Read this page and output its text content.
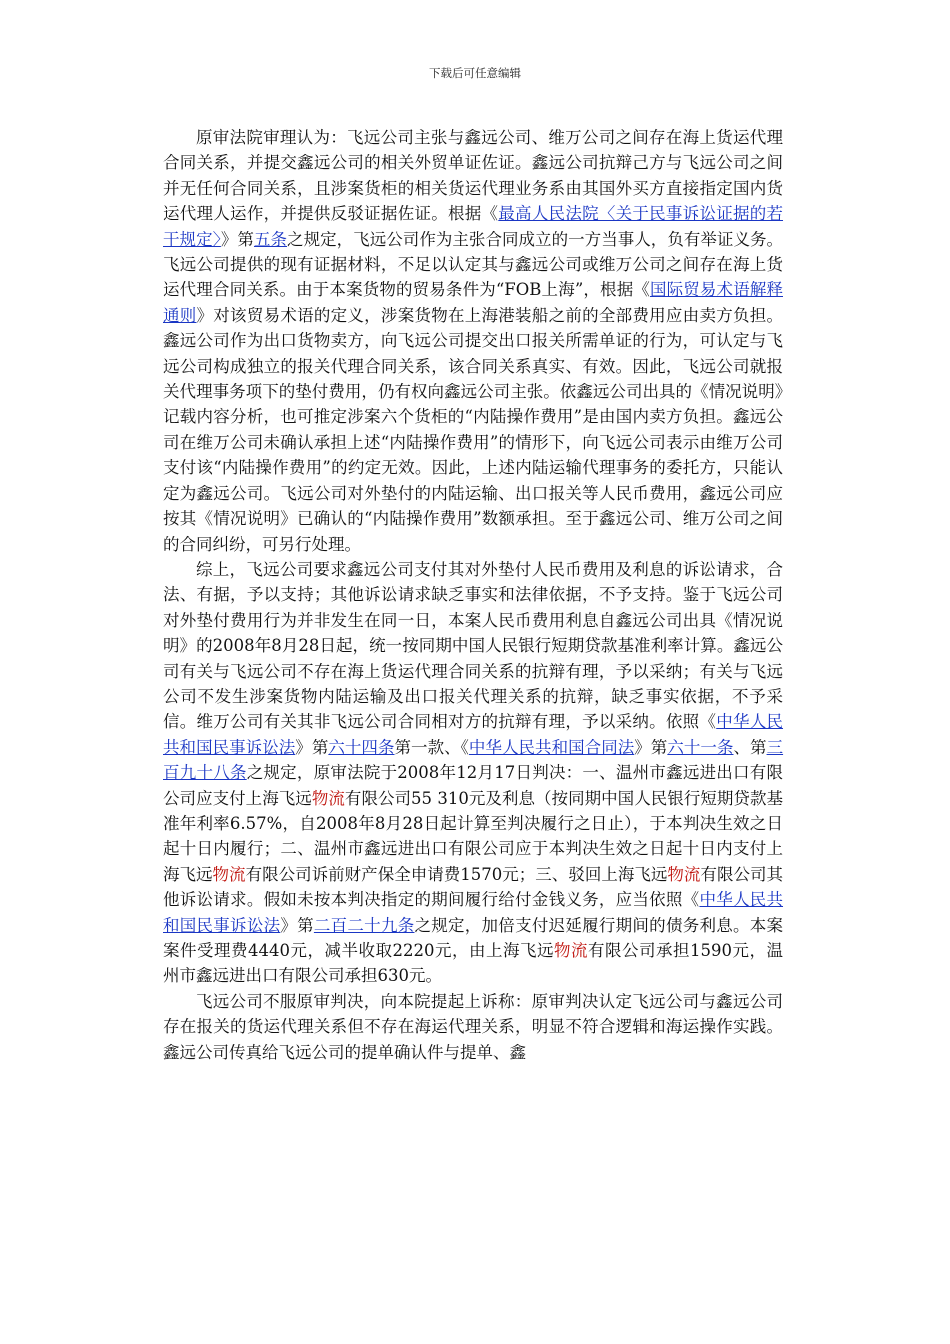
下载后可任意编辑

原审法院审理认为：飞远公司主张与鑫远公司、维万公司之间存在海上货运代理合同关系，并提交鑫远公司的相关外贸单证佐证。鑫远公司抗辩己方与飞远公司之间并无任何合同关系，且涉案货柜的相关货运代理业务系由其国外买方直接指定国内货运代理人运作，并提供反驳证据佐证。根据《最高人民法院〈关于民事诉讼证据的若干规定〉》第五条之规定，飞远公司作为主张合同成立的一方当事人，负有举证义务。飞远公司提供的现有证据材料，不足以认定其与鑫远公司或维万公司之间存在海上货运代理合同关系。由于本案货物的贸易条件为“FOB上海”，根据《国际贸易术语解释通则》对该贸易术语的定义，涉案货物在上海港装船之前的全部费用应由卖方负担。鑫远公司作为出口货物卖方，向飞远公司提交出口报关所需单证的行为，可认定与飞远公司构成独立的报关代理合同关系，该合同关系真实、有效。因此，飞远公司就报关代理事务项下的垫付费用，仍有权向鑫远公司主张。依鑫远公司出具的《情况说明》记载内容分析，也可推定涉案六个货柜的“内陆操作费用”是由国内卖方负担。鑫远公司在维万公司未确认承担上述“内陆操作费用”的情形下，向飞远公司表示由维万公司支付该“内陆操作费用”的约定无效。因此，上述内陆运输代理事务的委托方，只能认定为鑫远公司。飞远公司对外垫付的内陆运输、出口报关等人民币费用，鑫远公司应按其《情况说明》已确认的“内陆操作费用”数额承担。至于鑫远公司、维万公司之间的合同纠纷，可另行处理。

综上，飞远公司要求鑫远公司支付其对外垫付人民币费用及利息的诉讼请求，合法、有据，予以支持；其他诉讼请求缺乏事实和法律依据，不予支持。鉴于飞远公司对外垫付费用行为并非发生在同一日，本案人民币费用利息自鑫远公司出具《情况说明》的2008年8月28日起，统一按同期中国人民银行短期贷款基准利率计算。鑫远公司有关与飞远公司不存在海上货运代理合同关系的抗辩有理，予以采纳；有关与飞远公司不发生涉案货物内陆运输及出口报关代理关系的抗辩，缺乏事实依据，不予采信。维万公司有关其非飞远公司合同相对方的抗辩有理，予以采纳。依照《中华人民共和国民事诉讼法》第六十四条第一款、《中华人民共和国合同法》第六十一条、第三百九十八条之规定，原审法院于2008年12月17日判决：一、温州市鑫远进出口有限公司应支付上海飞远物流有限公司55 310元及利息（按同期中国人民银行短期贷款基准年利率6.57%，自2008年8月28日起计算至判决履行之日止），于本判决生效之日起十日内履行；二、温州市鑫远进出口有限公司应于本判决生效之日起十日内支付上海飞远物流有限公司诉前财产保全申请费1570元；三、驳回上海飞远物流有限公司其他诉讼请求。假如未按本判决指定的期间履行给付金钱义务，应当依照《中华人民共和国民事诉讼法》第二百二十九条之规定，加倍支付迟延履行期间的债务利息。本案案件受理费4440元，减半收取2220元，由上海飞远物流有限公司承担1590元，温州市鑫远进出口有限公司承担630元。

飞远公司不服原审判决，向本院提起上诉称：原审判决认定飞远公司与鑫远公司存在报关的货运代理关系但不存在海运代理关系，明显不符合逻辑和海运操作实践。鑫远公司传真给飞远公司的提单确认件与提单、鑫
